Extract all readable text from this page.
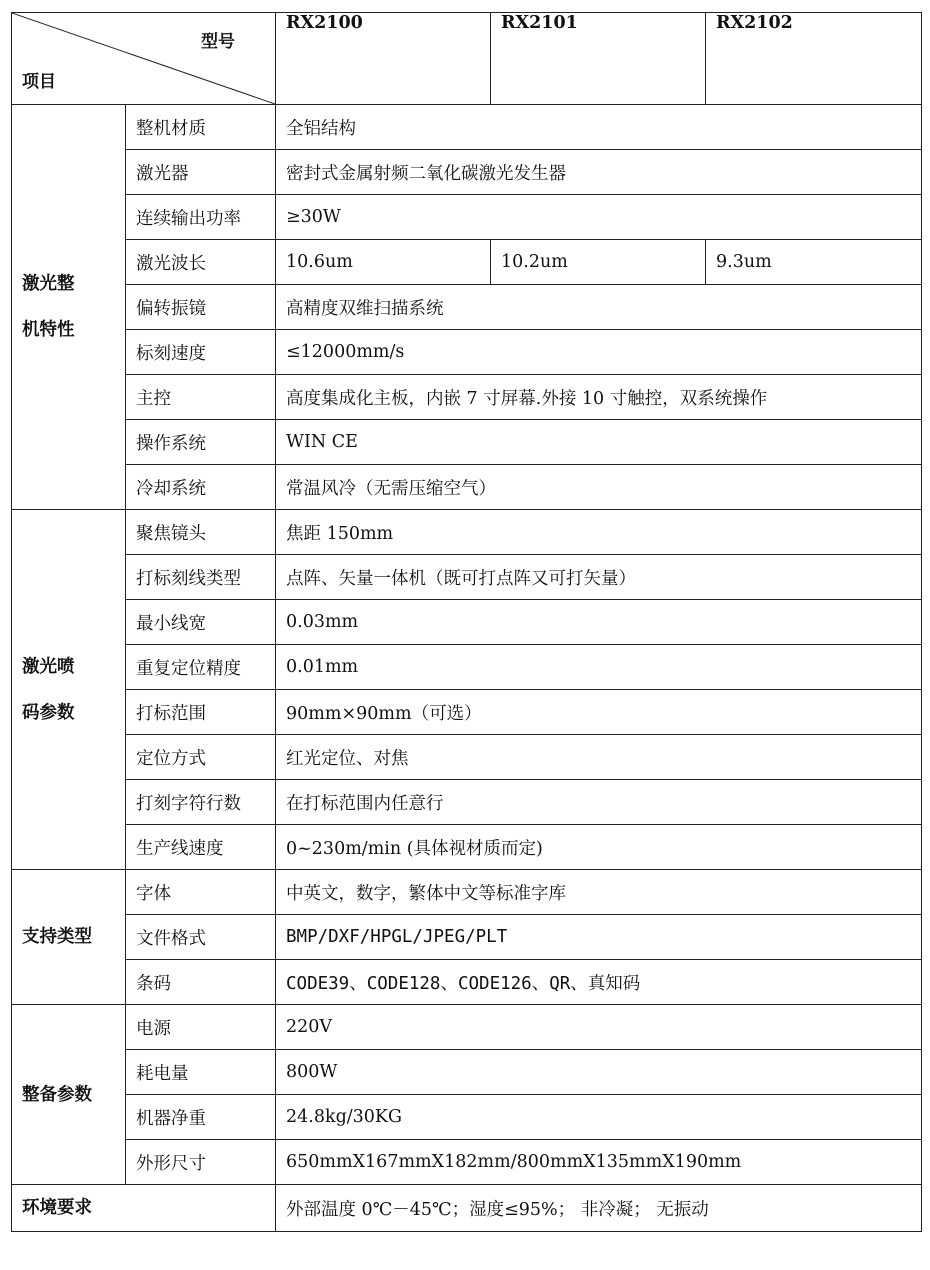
型号
项目		RX2100	RX2101	RX2102

激光整
机特性	整机材质	全铝结构		
	激光器	密封式金属射频二氧化碳激光发生器		
	连续输出功率	≥30W		
	激光波长	10.6um	10.2um	9.3um
	偏转振镜	高精度双维扫描系统		
	标刻速度	≤12000mm/s		
	主控	高度集成化主板，内嵌 7 寸屏幕.外接 10 寸触控，双系统操作		
	操作系统	WIN CE		
	冷却系统	常温风冷（无需压缩空气）		

激光喷
码参数	聚焦镜头	焦距 150mm		
	打标刻线类型	点阵、矢量一体机（既可打点阵又可打矢量）		
	最小线宽	0.03mm		
	重复定位精度	0.01mm		
	打标范围	90mm×90mm（可选）		
	定位方式	红光定位、对焦		
	打刻字符行数	在打标范围内任意行		
	生产线速度	0~230m/min (具体视材质而定)		

支持类型	字体	中英文，数字，繁体中文等标准字库		
	文件格式	BMP/DXF/HPGL/JPEG/PLT		
	条码	CODE39、CODE128、CODE126、QR、真知码		

整备参数	电源	220V		
	耗电量	800W		
	机器净重	24.8kg/30KG		
	外形尺寸	650mmX167mmX182mm/800mmX135mmX190mm		
环境要求		外部温度 0℃－45℃；湿度≤95%； 非冷凝； 无振动		
